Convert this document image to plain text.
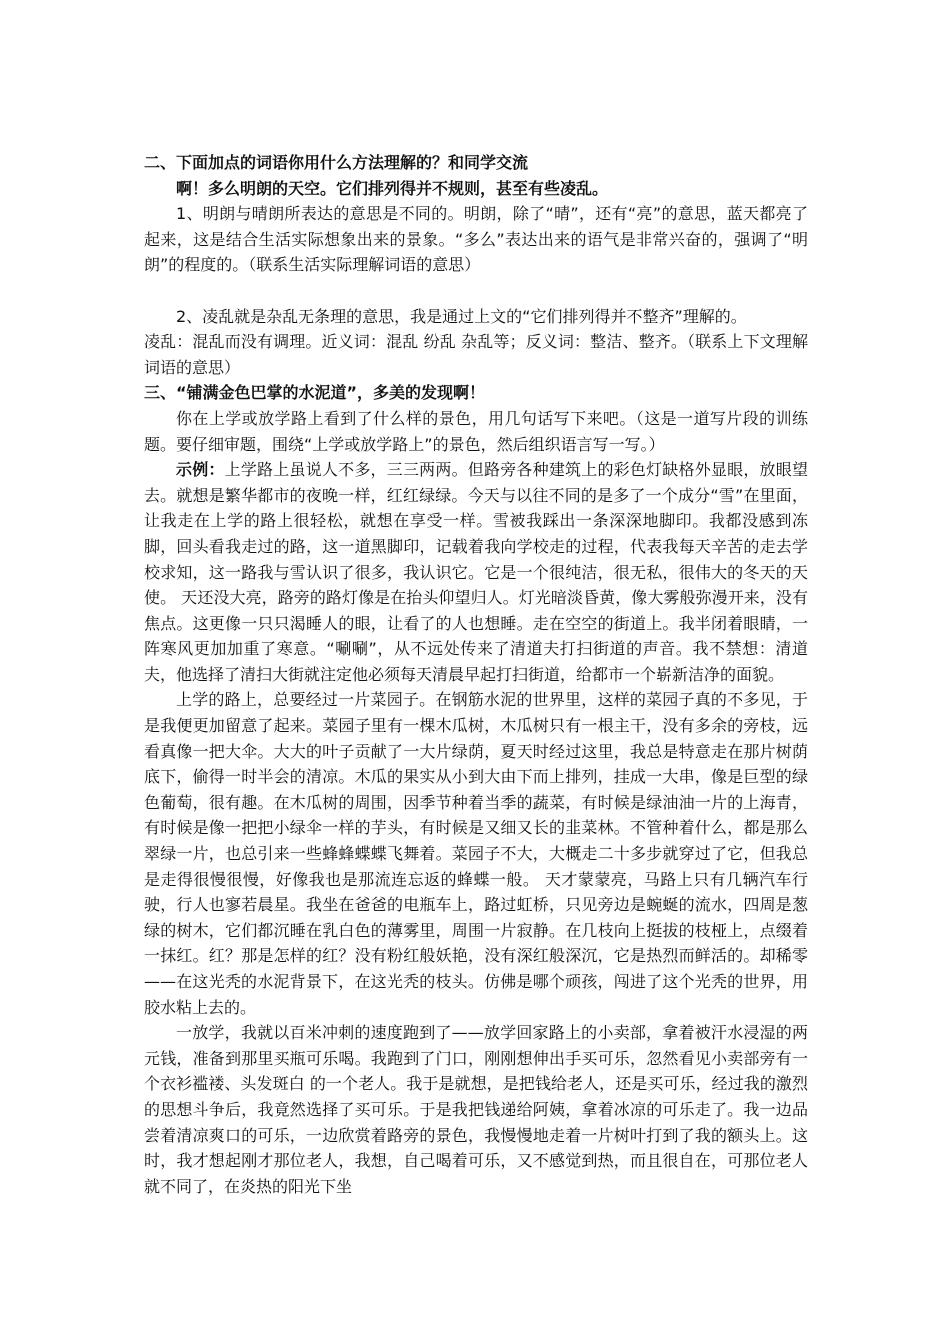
二、下面加点的词语你用什么方法理解的？和同学交流

啊！多么明朗的天空。它们排列得并不规则，甚至有些凌乱。

1、明朗与晴朗所表达的意思是不同的。明朗，除了“晴”，还有“亮”的意思，蓝天都亮了起来，这是结合生活实际想象出来的景象。“多么”表达出来的语气是非常兴奋的，强调了“明朗”的程度的。（联系生活实际理解词语的意思）

2、凌乱就是杂乱无条理的意思，我是通过上文的“它们排列得并不整齐”理解的。

凌乱：混乱而没有调理。近义词：混乱 纷乱 杂乱等；反义词：整洁、整齐。（联系上下文理解词语的意思）

三、“铺满金色巴掌的水泥道”，多美的发现啊！

你在上学或放学路上看到了什么样的景色，用几句话写下来吧。（这是一道写片段的训练题。要仔细审题，围绕“上学或放学路上”的景色，然后组织语言写一写。）

示例：上学路上虽说人不多，三三两两。但路旁各种建筑上的彩色灯缺格外显眼，放眼望去。就想是繁华都市的夜晚一样，红红绿绿。今天与以往不同的是多了一个成分“雪”在里面，让我走在上学的路上很轻松，就想在享受一样。雪被我踩出一条深深地脚印。我都没感到冻脚，回头看我走过的路，这一道黑脚印，记载着我向学校走的过程，代表我每天辛苦的走去学校求知，这一路我与雪认识了很多，我认识它。它是一个很纯洁，很无私，很伟大的冬天的天使。 天还没大亮，路旁的路灯像是在抬头仰望归人。灯光暗淡昏黄，像大雾般弥漫开来，没有焦点。这更像一只只渴睡人的眼，让看了的人也想睡。走在空空的街道上。我半闭着眼睛，一阵寒风更加加重了寒意。“唰唰”，从不远处传来了清道夫打扫街道的声音。我不禁想：清道夫，他选择了清扫大街就注定他必须每天清晨早起打扫街道，给都市一个崭新洁净的面貌。

上学的路上，总要经过一片菜园子。在钢筋水泥的世界里，这样的菜园子真的不多见，于是我便更加留意了起来。菜园子里有一棵木瓜树，木瓜树只有一根主干，没有多余的旁枝，远看真像一把大伞。大大的叶子贡献了一大片绿荫，夏天时经过这里，我总是特意走在那片树荫底下，偷得一时半会的清凉。木瓜的果实从小到大由下而上排列，挂成一大串，像是巨型的绿色葡萄，很有趣。在木瓜树的周围，因季节种着当季的蔬菜，有时候是绿油油一片的上海青，有时候是像一把把小绿伞一样的芋头，有时候是又细又长的韭菜林。不管种着什么，都是那么翠绿一片，也总引来一些蜂蜂蝶蝶飞舞着。菜园子不大，大概走二十多步就穿过了它，但我总是走得很慢很慢，好像我也是那流连忘返的蜂蝶一般。 天才蒙蒙亮，马路上只有几辆汽车行驶，行人也寥若晨星。我坐在爸爸的电瓶车上，路过虹桥，只见旁边是蜿蜒的流水，四周是葱绿的树木，它们都沉睡在乳白色的薄雾里，周围一片寂静。在几枝向上挺拔的枝桠上，点缀着一抹红。红？那是怎样的红？没有粉红般妖艳，没有深红般深沉，它是热烈而鲜活的。却稀零——在这光秃的水泥背景下，在这光秃的枝头。仿佛是哪个顽孩，闯进了这个光秃的世界，用胶水粘上去的。

一放学，我就以百米冲刺的速度跑到了——放学回家路上的小卖部，拿着被汗水浸湿的两元钱，准备到那里买瓶可乐喝。我跑到了门口，刚刚想伸出手买可乐，忽然看见小卖部旁有一个衣衫褴褛、头发斑白 的一个老人。我于是就想，是把钱给老人，还是买可乐，经过我的激烈的思想斗争后，我竟然选择了买可乐。于是我把钱递给阿姨，拿着冰凉的可乐走了。我一边品尝着清凉爽口的可乐，一边欣赏着路旁的景色，我慢慢地走着一片树叶打到了我的额头上。这时，我才想起刚才那位老人，我想，自己喝着可乐，又不感觉到热，而且很自在，可那位老人就不同了，在炎热的阳光下坐
